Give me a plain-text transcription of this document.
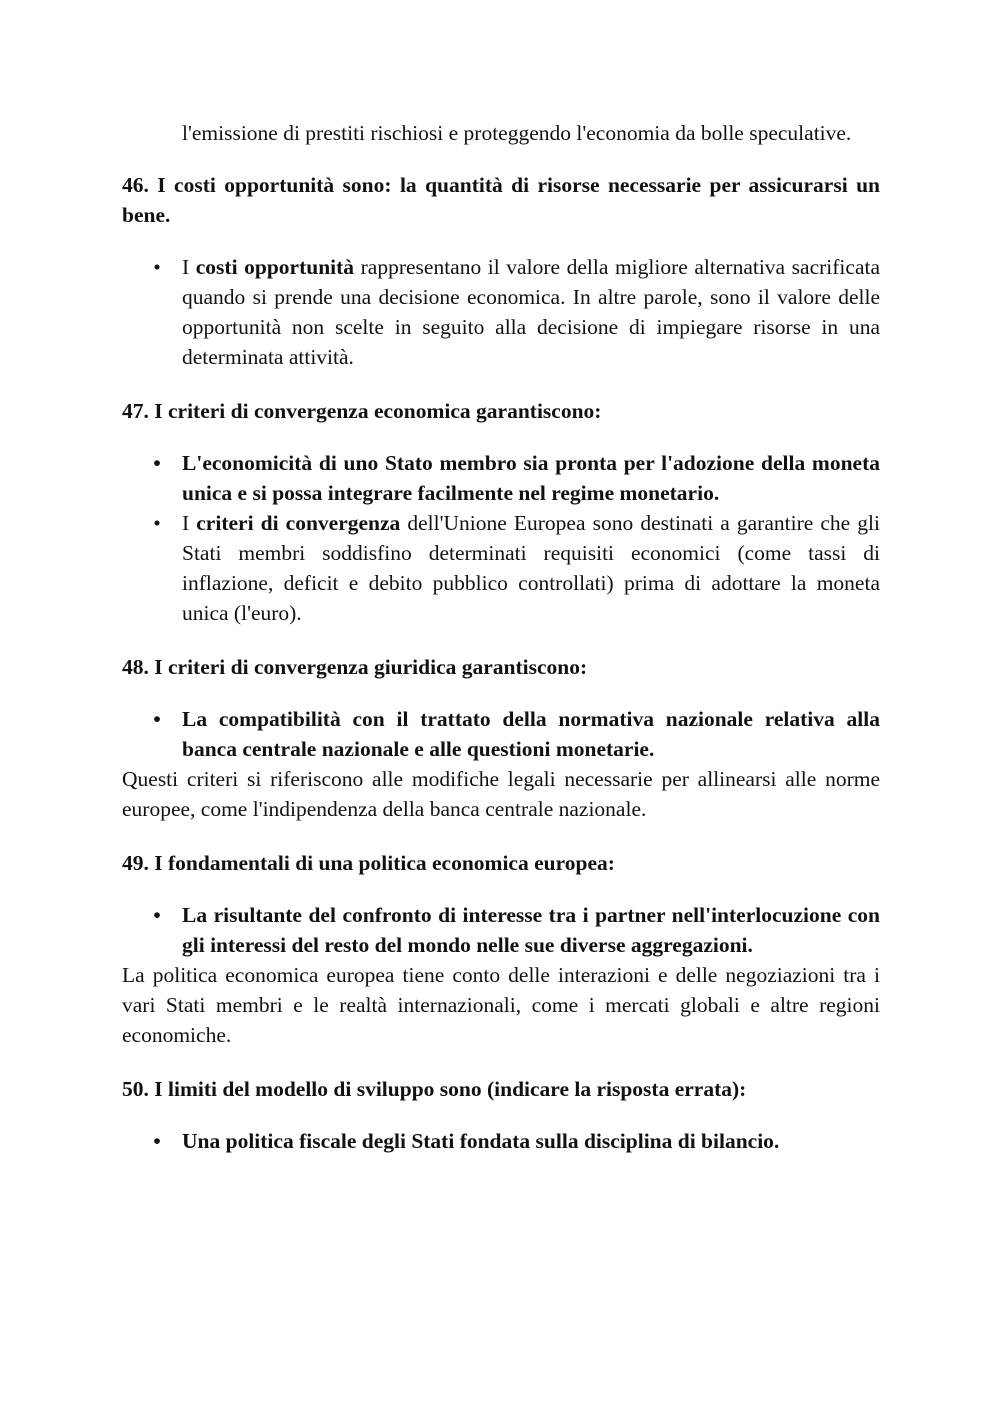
l'emissione di prestiti rischiosi e proteggendo l'economia da bolle speculative.

46. I costi opportunità sono: la quantità di risorse necessarie per assicurarsi un bene.

• I costi opportunità rappresentano il valore della migliore alternativa sacrificata quando si prende una decisione economica. In altre parole, sono il valore delle opportunità non scelte in seguito alla decisione di impiegare risorse in una determinata attività.

47. I criteri di convergenza economica garantiscono:

• L'economicità di uno Stato membro sia pronta per l'adozione della moneta unica e si possa integrare facilmente nel regime monetario.
• I criteri di convergenza dell'Unione Europea sono destinati a garantire che gli Stati membri soddisfino determinati requisiti economici (come tassi di inflazione, deficit e debito pubblico controllati) prima di adottare la moneta unica (l'euro).

48. I criteri di convergenza giuridica garantiscono:

• La compatibilità con il trattato della normativa nazionale relativa alla banca centrale nazionale e alle questioni monetarie.

Questi criteri si riferiscono alle modifiche legali necessarie per allinearsi alle norme europee, come l'indipendenza della banca centrale nazionale.

49. I fondamentali di una politica economica europea:

• La risultante del confronto di interesse tra i partner nell'interlocuzione con gli interessi del resto del mondo nelle sue diverse aggregazioni.

La politica economica europea tiene conto delle interazioni e delle negoziazioni tra i vari Stati membri e le realtà internazionali, come i mercati globali e altre regioni economiche.

50. I limiti del modello di sviluppo sono (indicare la risposta errata):

• Una politica fiscale degli Stati fondata sulla disciplina di bilancio.
